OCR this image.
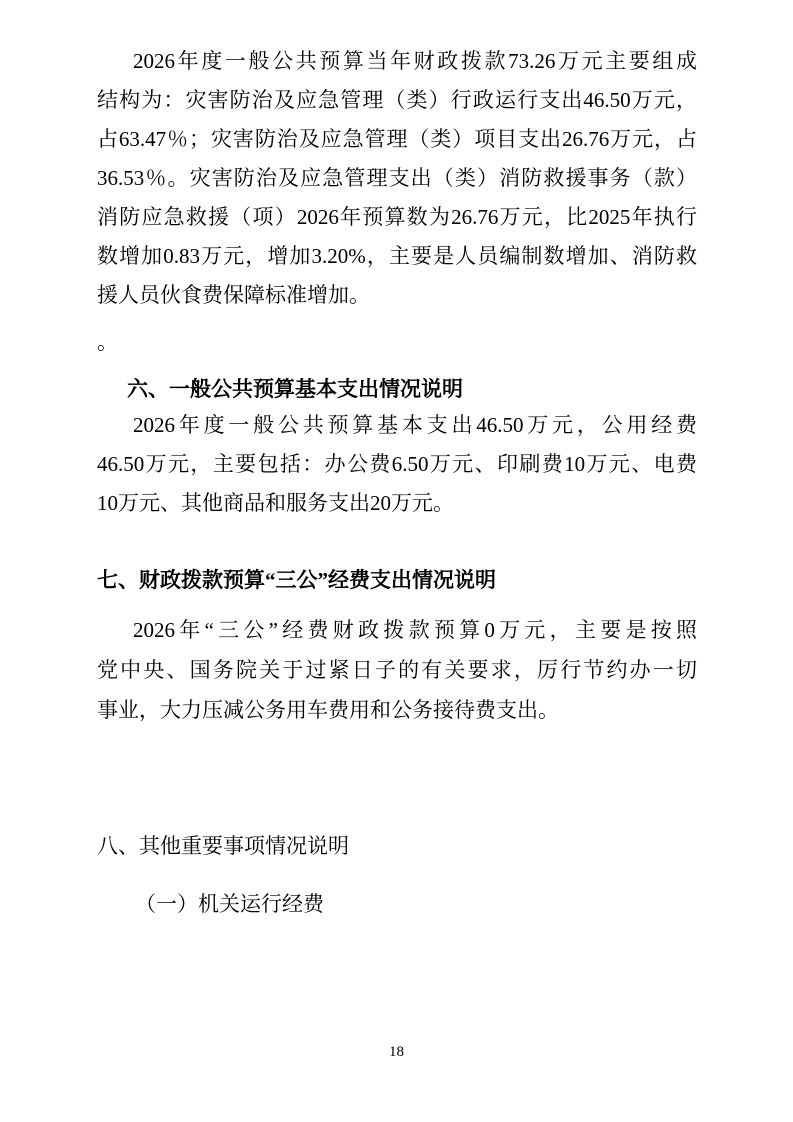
2026年度一般公共预算当年财政拨款73.26万元主要组成
结构为：灾害防治及应急管理（类）行政运行支出46.50万元，
占63.47％；灾害防治及应急管理（类）项目支出26.76万元，占
36.53％。灾害防治及应急管理支出（类）消防救援事务（款）
消防应急救援（项）2026年预算数为26.76万元，比2025年执行
数增加0.83万元，增加3.20%，主要是人员编制数增加、消防救
援人员伙食费保障标准增加。
。
六、一般公共预算基本支出情况说明
2026年度一般公共预算基本支出46.50万元，公用经费
46.50万元，主要包括：办公费6.50万元、印刷费10万元、电费
10万元、其他商品和服务支出20万元。
七、财政拨款预算“三公”经费支出情况说明
2026年“三公”经费财政拨款预算0万元，主要是按照
党中央、国务院关于过紧日子的有关要求，厉行节约办一切
事业，大力压减公务用车费用和公务接待费支出。
八、其他重要事项情况说明
（一）机关运行经费
18
